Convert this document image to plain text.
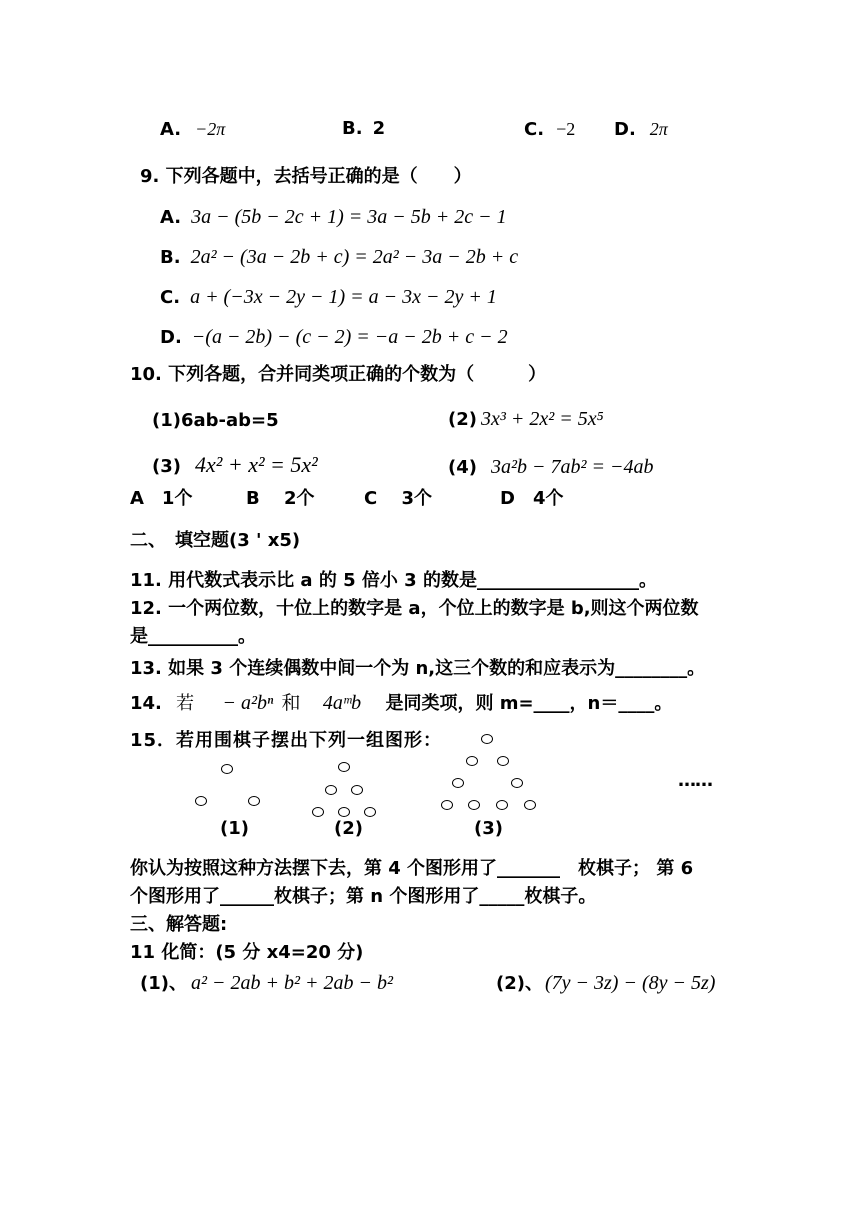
A. −2π	B. 2	C. −2 D. 2π
9. 下列各题中，去括号正确的是（　　）
A. 3a − (5b − 2c + 1) = 3a − 5b + 2c − 1
B. 2a² − (3a − 2b + c) = 2a² − 3a − 2b + c
C. a + (−3x − 2y − 1) = a − 3x − 2y + 1
D. −(a − 2b) − (c − 2) = −a − 2b + c − 2
10. 下列各题，合并同类项正确的个数为（　　　）
(1)6ab-ab=5	(2) 3x³ + 2x² = 5x⁵
(3) 4x² + x² = 5x²	(4) 3a²b − 7ab² = −4ab
A　1个	B　 2个	C　 3个	D　4个
二、　填空题(3 ' x5)
11. 用代数式表示比 a 的 5 倍小 3 的数是__________________。
12. 一个两位数，十位上的数字是 a，个位上的数字是 b,则这个两位数
是__________。
13. 如果 3 个连续偶数中间一个为 n,这三个数的和应表示为________。
14. 若 − a²bⁿ 和 4aᵐb 是同类项，则 m=____，n＝____。
15．若用围棋子摆出下列一组图形：
(1)	(2)	(3)
……
你认为按照这种方法摆下去，第 4 个图形用了_______　枚棋子； 第 6
个图形用了______枚棋子；第 n 个图形用了_____枚棋子。
三、解答题:
11 化简：(5 分 x4=20 分)
(1)、 a² − 2ab + b² + 2ab − b²	(2)、 (7y − 3z) − (8y − 5z)
